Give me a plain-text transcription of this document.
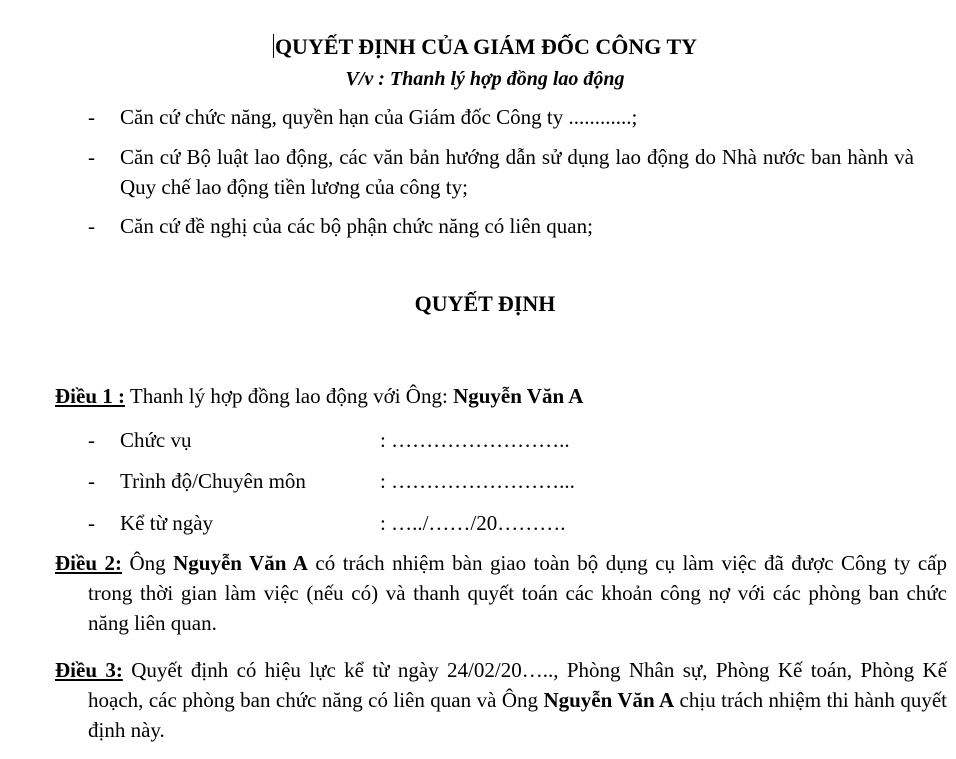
QUYẾT ĐỊNH CỦA GIÁM ĐỐC CÔNG TY
V/v : Thanh lý hợp đồng lao động
-	Căn cứ chức năng, quyền hạn của Giám đốc Công ty ............;
-	Căn cứ Bộ luật lao động, các văn bản hướng dẫn sử dụng lao động do Nhà nước ban hành và Quy chế lao động tiền lương của công ty;
-	Căn cứ đề nghị của các bộ phận chức năng có liên quan;
QUYẾT ĐỊNH
Điều 1 : Thanh lý hợp đồng lao động với Ông: Nguyễn Văn A
-	Chức vụ	: ……………………..
-	Trình độ/Chuyên môn	: ……………………...
-	Kể từ ngày	: …../……/20……….
Điều 2: Ông Nguyễn Văn A có trách nhiệm bàn giao toàn bộ dụng cụ làm việc đã được Công ty cấp trong thời gian làm việc (nếu có) và thanh quyết toán các khoản công nợ với các phòng ban chức năng liên quan.
Điều 3: Quyết định có hiệu lực kể từ ngày 24/02/20….., Phòng Nhân sự, Phòng Kế toán, Phòng Kế hoạch, các phòng ban chức năng có liên quan và Ông Nguyễn Văn A chịu trách nhiệm thi hành quyết định này.
